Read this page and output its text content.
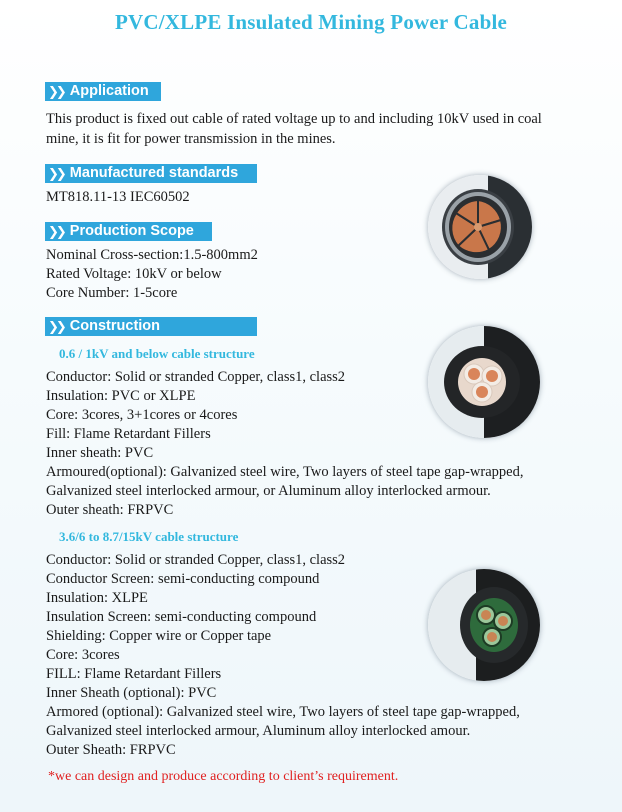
PVC/XLPE Insulated Mining Power Cable
❯❯ Application
This product is fixed out cable of rated voltage up to and including 10kV used in coal
mine, it is fit for power transmission in the mines.
❯❯ Manufactured standards
MT818.11-13 IEC60502
❯❯ Production Scope
Nominal Cross-section:1.5-800mm2
Rated Voltage: 10kV or below
Core Number: 1-5core
❯❯ Construction
0.6 / 1kV and below cable structure
Conductor: Solid or stranded Copper, class1, class2
Insulation: PVC or XLPE
Core: 3cores, 3+1cores or 4cores
Fill: Flame Retardant Fillers
Inner sheath: PVC
Armoured(optional): Galvanized steel wire, Two layers of steel tape gap-wrapped,
Galvanized steel interlocked armour, or Aluminum alloy interlocked armour.
Outer sheath: FRPVC
3.6/6 to 8.7/15kV cable structure
Conductor: Solid or stranded Copper, class1, class2
Conductor Screen: semi-conducting compound
Insulation: XLPE
Insulation Screen: semi-conducting compound
Shielding: Copper wire or Copper tape
Core: 3cores
FILL: Flame Retardant Fillers
Inner Sheath (optional): PVC
Armored (optional): Galvanized steel wire, Two layers of steel tape gap-wrapped,
Galvanized steel interlocked armour, Aluminum alloy interlocked amour.
Outer Sheath: FRPVC
*we can design and produce according to client’s requirement.
